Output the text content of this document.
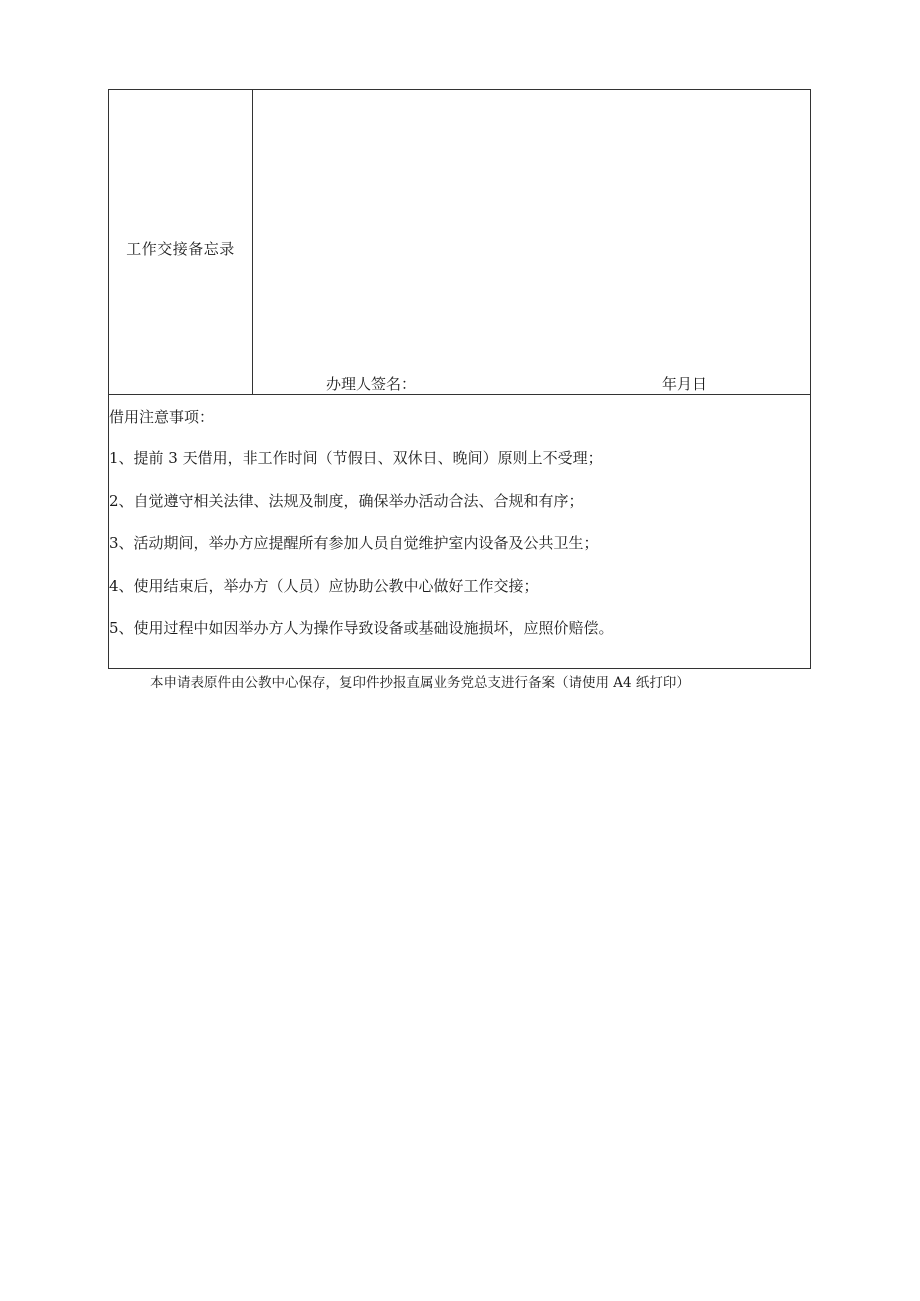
工作交接备忘录

办理人签名：	年月日

借用注意事项：
1、提前 3 天借用，非工作时间（节假日、双休日、晚间）原则上不受理；
2、自觉遵守相关法律、法规及制度，确保举办活动合法、合规和有序；
3、活动期间，举办方应提醒所有参加人员自觉维护室内设备及公共卫生；
4、使用结束后，举办方（人员）应协助公教中心做好工作交接；
5、使用过程中如因举办方人为操作导致设备或基础设施损坏，应照价赔偿。
本申请表原件由公教中心保存，复印件抄报直属业务党总支进行备案（请使用 A4 纸打印）
